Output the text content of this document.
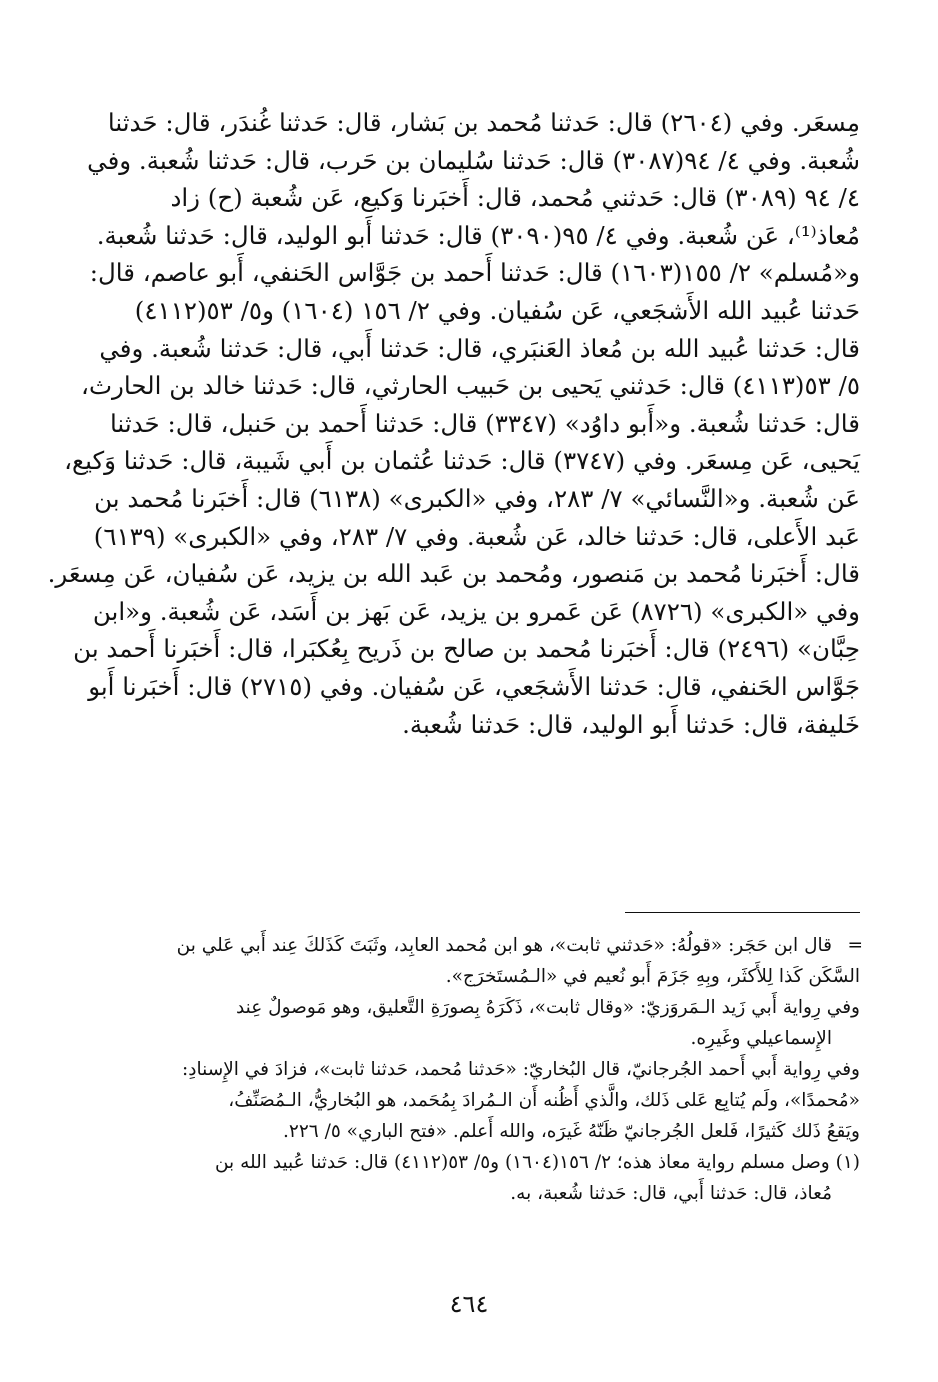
مِسعَر. وفي (٢٦٠٤) قال: حَدثنا مُحمد بن بَشار، قال: حَدثنا غُندَر، قال: حَدثنا
شُعبة. وفي ٤/ ٩٤(٣٠٨٧) قال: حَدثنا سُليمان بن حَرب، قال: حَدثنا شُعبة. وفي
٤/ ٩٤ (٣٠٨٩) قال: حَدثني مُحمد، قال: أَخبَرنا وَكيع، عَن شُعبة (ح) زاد
مُعاذ⁽¹⁾، عَن شُعبة. وفي ٤/ ٩٥(٣٠٩٠) قال: حَدثنا أَبو الوليد، قال: حَدثنا شُعبة.
و«مُسلم» ٢/ ١٥٥(١٦٠٣) قال: حَدثنا أَحمد بن جَوَّاس الحَنفي، أَبو عاصم، قال:
حَدثنا عُبيد الله الأَشجَعي، عَن سُفيان. وفي ٢/ ١٥٦ (١٦٠٤) و٥/ ٥٣(٤١١٢)
قال: حَدثنا عُبيد الله بن مُعاذ العَنبَري، قال: حَدثنا أَبي، قال: حَدثنا شُعبة. وفي
٥/ ٥٣(٤١١٣) قال: حَدثني يَحيى بن حَبيب الحارثي، قال: حَدثنا خالد بن الحارث،
قال: حَدثنا شُعبة. و«أَبو داوُد» (٣٣٤٧) قال: حَدثنا أَحمد بن حَنبل، قال: حَدثنا
يَحيى، عَن مِسعَر. وفي (٣٧٤٧) قال: حَدثنا عُثمان بن أَبي شَيبة، قال: حَدثنا وَكيع،
عَن شُعبة. و«النَّسائي» ٧/ ٢٨٣، وفي «الكبرى» (٦١٣٨) قال: أَخبَرنا مُحمد بن
عَبد الأَعلى، قال: حَدثنا خالد، عَن شُعبة. وفي ٧/ ٢٨٣، وفي «الكبرى» (٦١٣٩)
قال: أَخبَرنا مُحمد بن مَنصور، ومُحمد بن عَبد الله بن يزيد، عَن سُفيان، عَن مِسعَر.
وفي «الكبرى» (٨٧٢٦) عَن عَمرو بن يزيد، عَن بَهز بن أَسَد، عَن شُعبة. و«ابن
حِبَّان» (٢٤٩٦) قال: أَخبَرنا مُحمد بن صالح بن ذَريح بِعُكبَرا، قال: أَخبَرنا أَحمد بن
جَوَّاس الحَنفي، قال: حَدثنا الأَشجَعي، عَن سُفيان. وفي (٢٧١٥) قال: أَخبَرنا أَبو
خَليفة، قال: حَدثنا أَبو الوليد، قال: حَدثنا شُعبة.
=
قال ابن حَجَر: «قولُهُ: «حَدثني ثابت»، هو ابن مُحمد العابِد، وثَبَتَ كَذَلكَ عِند أَبي عَلي بن
السَّكَن كَذا لِلأَكثَر، وبِهِ جَزَمَ أَبو نُعيم في «الـمُستَخرَج».
وفي رِواية أَبي زَيد الـمَروَزيّ: «وقال ثابت»، ذَكَرَهُ بِصورَةِ التَّعليق، وهو مَوصولٌ عِند
الإِسماعيلي وغَيرِه.
وفي رِواية أَبي أَحمد الجُرجانيّ، قال البُخاريّ: «حَدثنا مُحمد، حَدثنا ثابت»، فزادَ في الإِسنادِ:
«مُحمدًا»، ولَم يُتابِع عَلى ذَلك، والَّذي أَظُنه أَن الـمُرادَ بِمُحَمد، هو البُخاريُّ، الـمُصَنِّفُ،
ويَقعُ ذَلك كَثيرًا، فَلعل الجُرجانيّ ظَنّهُ غَيرَه، والله أَعلم. «فتح الباري» ٥/ ٢٢٦.
(١) وصل مسلم رواية معاذ هذه؛ ٢/ ١٥٦(١٦٠٤) و٥/ ٥٣(٤١١٢) قال: حَدثنا عُبيد الله بن
مُعاذ، قال: حَدثنا أَبي، قال: حَدثنا شُعبة، به.
٤٦٤
